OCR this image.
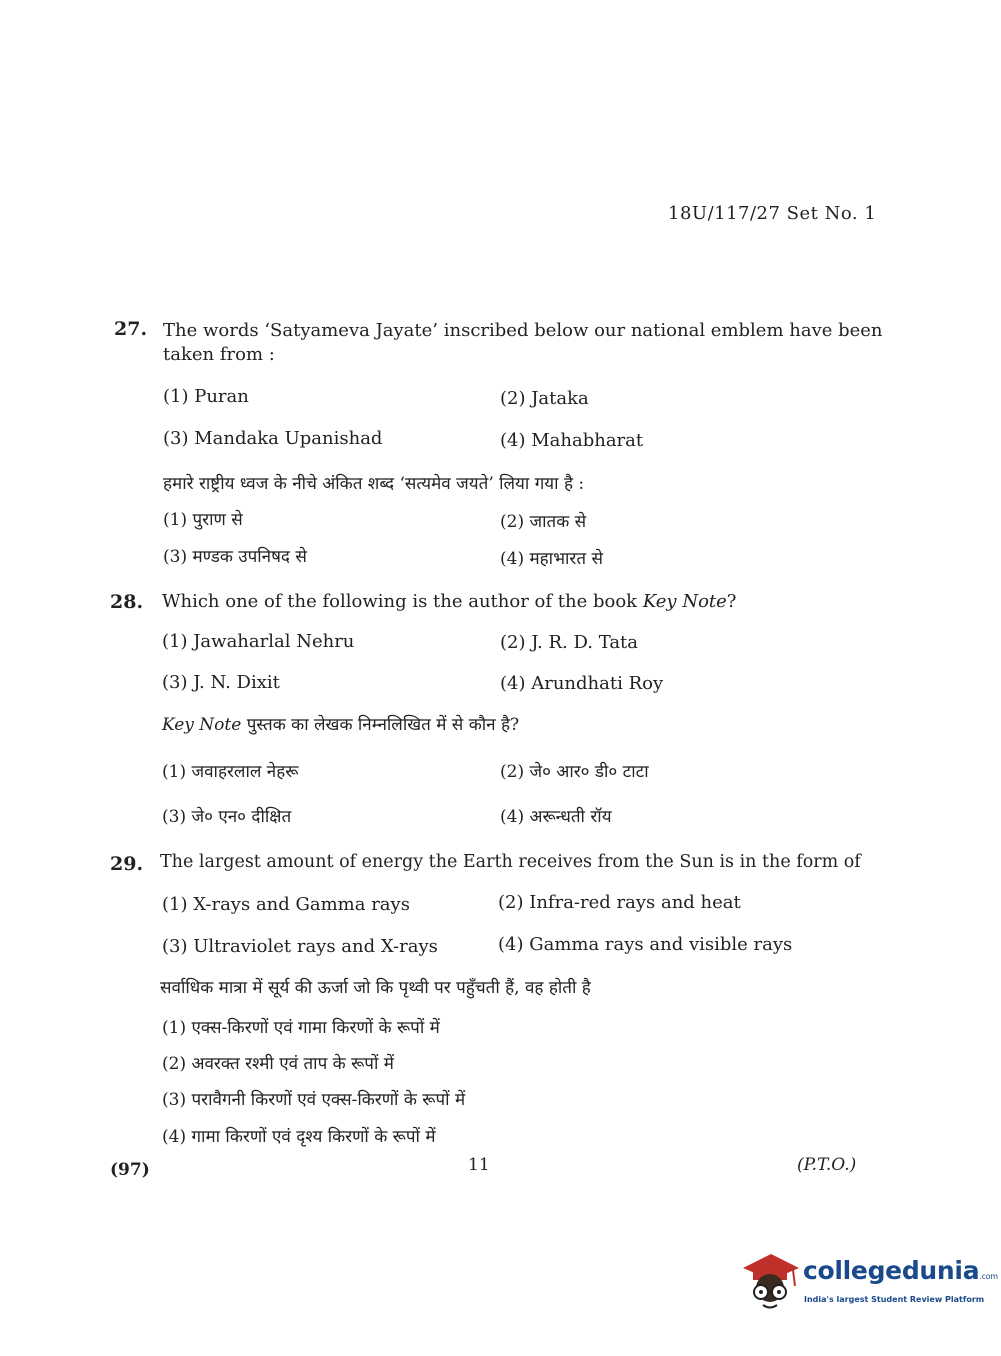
18U/117/27 Set No. 1
27. The words ‘Satyameva Jayate’ inscribed below our national emblem have been
taken from :
(1) Puran	(2) Jataka
(3) Mandaka Upanishad	(4) Mahabharat
हमारे राष्ट्रीय ध्वज के नीचे अंकित शब्द ‘सत्यमेव जयते’ लिया गया है :
(1) पुराण से	(2) जातक से
(3) मण्डक उपनिषद से	(4) महाभारत से
28. Which one of the following is the author of the book Key Note?
(1) Jawaharlal Nehru	(2) J. R. D. Tata
(3) J. N. Dixit	(4) Arundhati Roy
Key Note पुस्तक का लेखक निम्नलिखित में से कौन है?
(1) जवाहरलाल नेहरू	(2) जे० आर० डी० टाटा
(3) जे० एन० दीक्षित	(4) अरून्धती रॉय
29. The largest amount of energy the Earth receives from the Sun is in the form of
(1) X-rays and Gamma rays	(2) Infra-red rays and heat
(3) Ultraviolet rays and X-rays	(4) Gamma rays and visible rays
सर्वाधिक मात्रा में सूर्य की ऊर्जा जो कि पृथ्वी पर पहुँचती हैं, वह होती है
(1) एक्स-किरणों एवं गामा किरणों के रूपों में
(2) अवरक्त रश्मी एवं ताप के रूपों में
(3) परावैगनी किरणों एवं एक्स-किरणों के रूपों में
(4) गामा किरणों एवं दृश्य किरणों के रूपों में
(97)	11	(P.T.O.)
collegedunia.com
India's largest Student Review Platform
